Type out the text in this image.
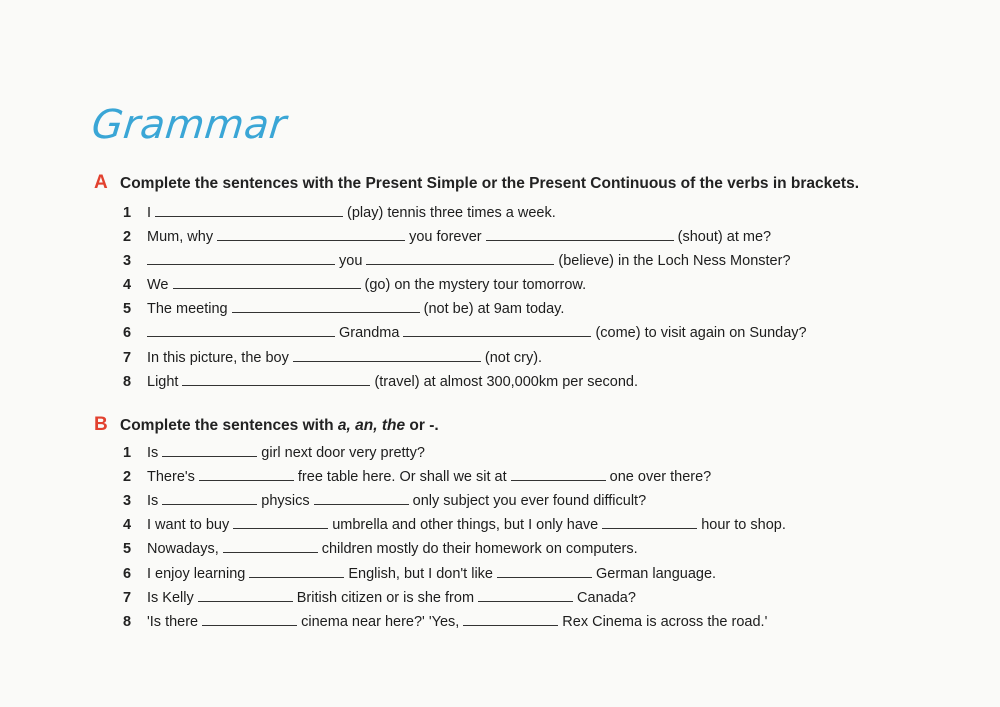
Grammar
A Complete the sentences with the Present Simple or the Present Continuous of the verbs in brackets.
1	I	(play) tennis three times a week.
2	Mum, why	you forever	(shout) at me?
3	you	(believe) in the Loch Ness Monster?
4	We	(go) on the mystery tour tomorrow.
5	The meeting	(not be) at 9am today.
6	Grandma	(come) to visit again on Sunday?
7	In this picture, the boy	(not cry).
8	Light	(travel) at almost 300,000km per second.
B Complete the sentences with a, an, the or -.
1	Is	girl next door very pretty?
2	There's	free table here. Or shall we sit at	one over there?
3	Is	physics	only subject you ever found difficult?
4	I want to buy	umbrella and other things, but I only have	hour to shop.
5	Nowadays,	children mostly do their homework on computers.
6	I enjoy learning	English, but I don't like	German language.
7	Is Kelly	British citizen or is she from	Canada?
8	'Is there	cinema near here?' 'Yes,	Rex Cinema is across the road.'
